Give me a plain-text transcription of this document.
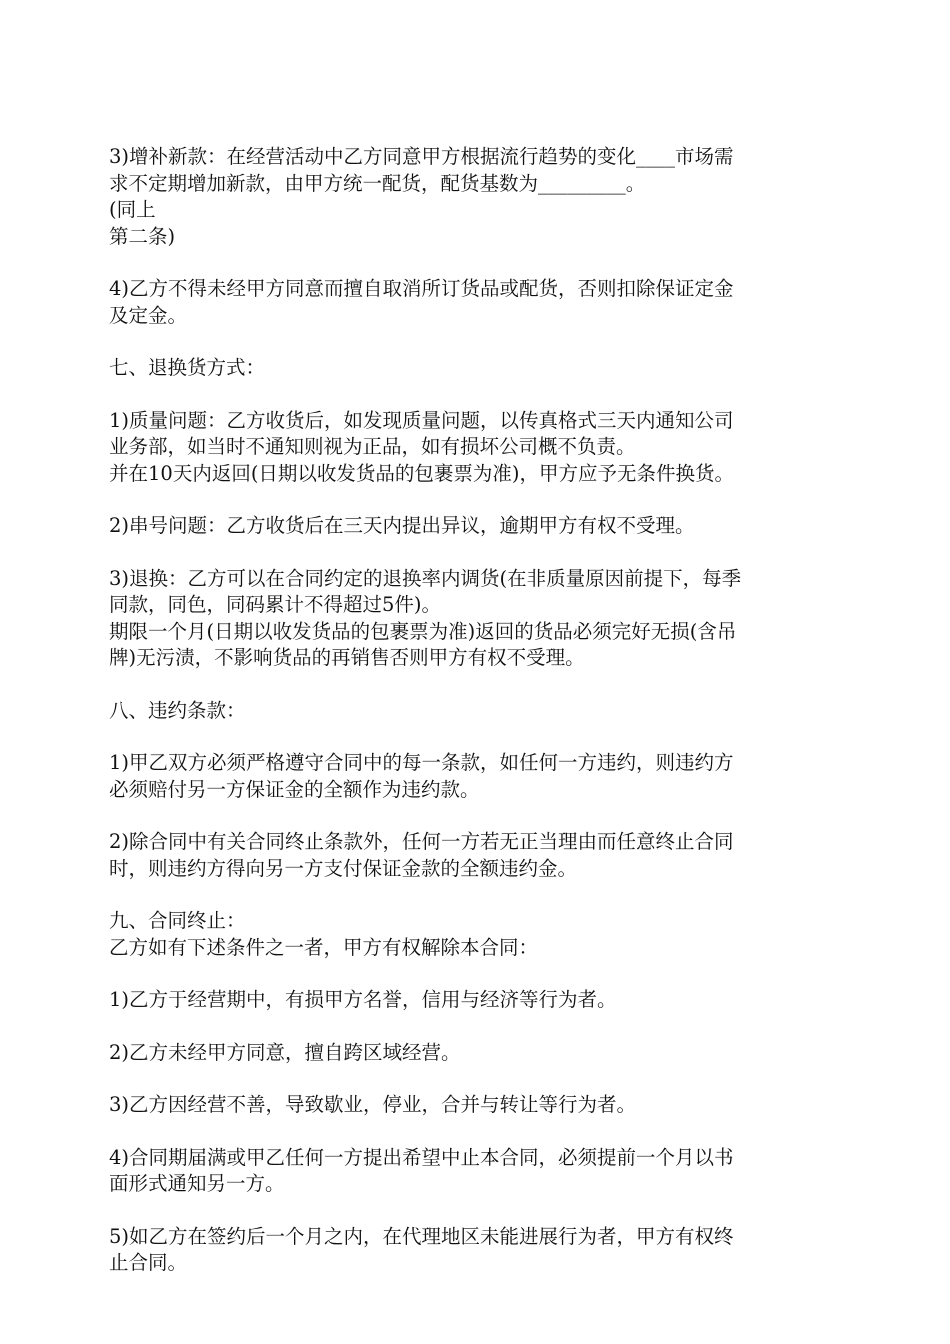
3)增补新款：在经营活动中乙方同意甲方根据流行趋势的变化____市场需
求不定期增加新款，由甲方统一配货，配货基数为_________。
(同上
第二条)
4)乙方不得未经甲方同意而擅自取消所订货品或配货，否则扣除保证定金
及定金。
七、退换货方式：
1)质量问题：乙方收货后，如发现质量问题，以传真格式三天内通知公司
业务部，如当时不通知则视为正品，如有损坏公司概不负责。
并在10天内返回(日期以收发货品的包裹票为准)，甲方应予无条件换货。
2)串号问题：乙方收货后在三天内提出异议，逾期甲方有权不受理。
3)退换：乙方可以在合同约定的退换率内调货(在非质量原因前提下，每季
同款，同色，同码累计不得超过5件)。
期限一个月(日期以收发货品的包裹票为准)返回的货品必须完好无损(含吊
牌)无污渍，不影响货品的再销售否则甲方有权不受理。
八、违约条款：
1)甲乙双方必须严格遵守合同中的每一条款，如任何一方违约，则违约方
必须赔付另一方保证金的全额作为违约款。
2)除合同中有关合同终止条款外，任何一方若无正当理由而任意终止合同
时，则违约方得向另一方支付保证金款的全额违约金。
九、合同终止：
乙方如有下述条件之一者，甲方有权解除本合同：
1)乙方于经营期中，有损甲方名誉，信用与经济等行为者。
2)乙方未经甲方同意，擅自跨区域经营。
3)乙方因经营不善，导致歇业，停业，合并与转让等行为者。
4)合同期届满或甲乙任何一方提出希望中止本合同，必须提前一个月以书
面形式通知另一方。
5)如乙方在签约后一个月之内，在代理地区未能进展行为者，甲方有权终
止合同。
